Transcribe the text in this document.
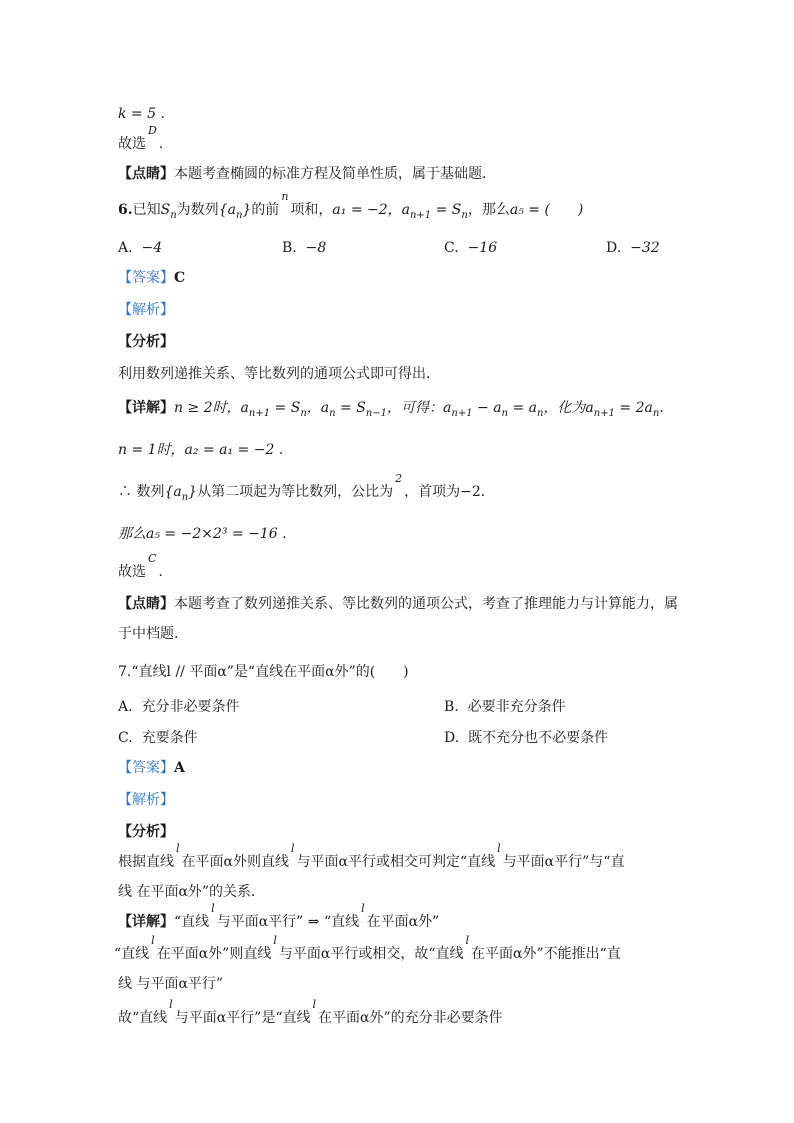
k = 5 .
故选$^D$.
【点睛】本题考查椭圆的标准方程及简单性质，属于基础题．
6.已知$S_n$为数列$\{a_n\}$的前$^n$项和，a₁ = −2，$a_{n+1} = S_n$，那么a₅ = (　　)
A. −4	B. −8	C. −16	D. −32
【答案】C
【解析】
【分析】
利用数列递推关系、等比数列的通项公式即可得出．
【详解】n ≥ 2时，$a_{n+1} = S_n$，$a_n = S_{n-1}$，可得：$a_{n+1} - a_n = a_n$，化为$a_{n+1} = 2a_n$．
n = 1时，a₂ = a₁ = −2 .
∴ 数列$\{a_n\}$从第二项起为等比数列，公比为$^2$，首项为−2．
那么a₅ = −2×2³ = −16 .
故选$^C$.
【点睛】本题考查了数列递推关系、等比数列的通项公式，考查了推理能力与计算能力，属
于中档题．
7.“直线l // 平面α”是“直线在平面α外”的(　　)
A. 充分非必要条件	B. 必要非充分条件
C. 充要条件	D. 既不充分也不必要条件
【答案】A
【解析】
【分析】
根据直线$^l$在平面α外则直线$^l$与平面α平行或相交可判定“直线$^l$与平面α平行”与“直
线 在平面α外”的关系．
【详解】“直线$^l$与平面α平行” ⇒ “直线$^l$在平面α外”
“直线$^l$在平面α外”则直线$^l$与平面α平行或相交，故“直线$^l$在平面α外”不能推出“直
线 与平面α平行”
故“直线$^l$与平面α平行”是“直线$^l$在平面α外”的充分非必要条件
